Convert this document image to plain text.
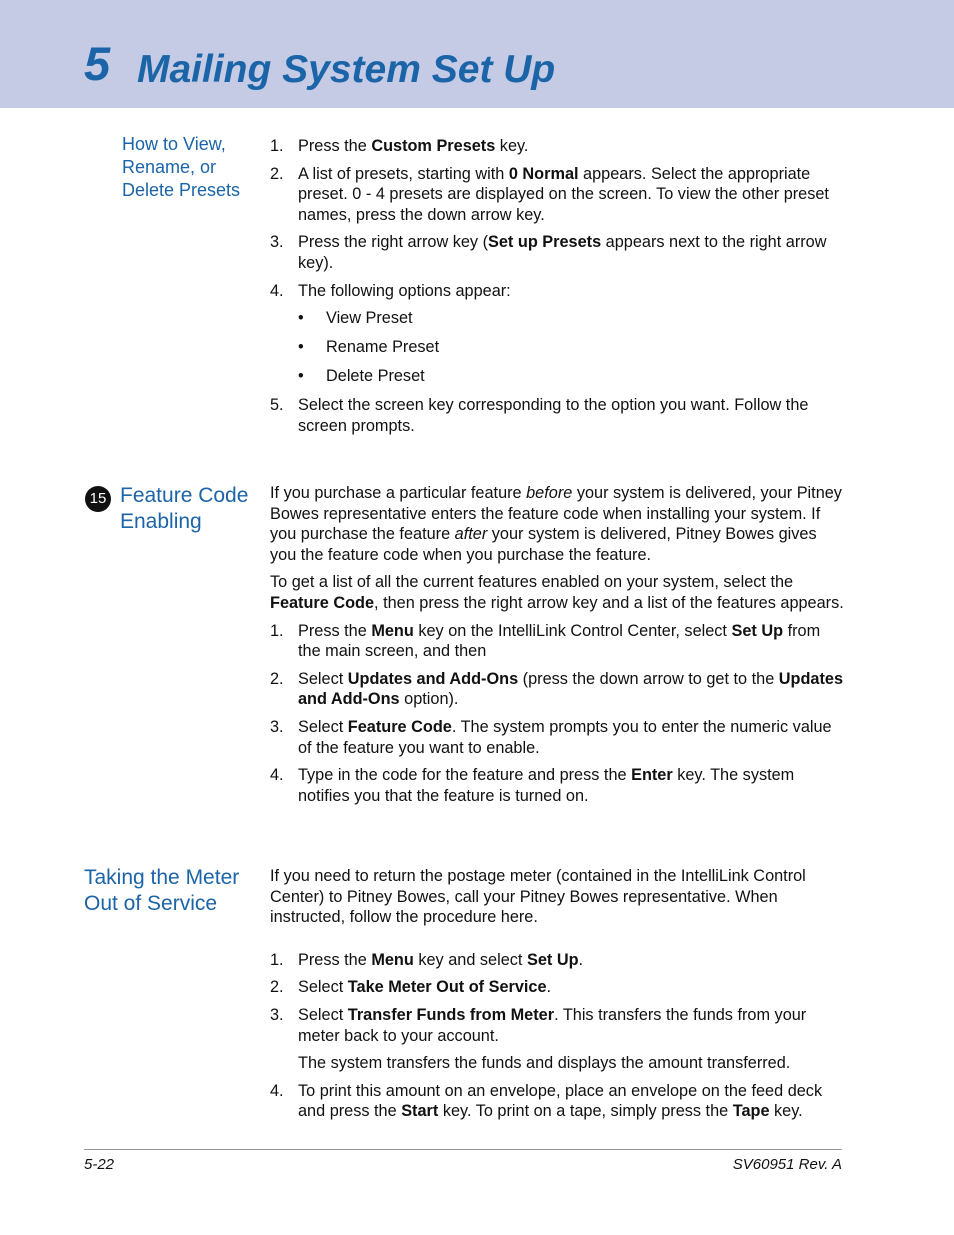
5 Mailing System Set Up
How to View,
Rename, or
Delete Presets
1. Press the Custom Presets key.
2. A list of presets, starting with 0 Normal appears. Select the appropriate preset. 0 - 4 presets are displayed on the screen. To view the other preset names, press the down arrow key.
3. Press the right arrow key (Set up Presets appears next to the right arrow key).
4. The following options appear:
• View Preset
• Rename Preset
• Delete Preset
5. Select the screen key corresponding to the option you want. Follow the screen prompts.
15 Feature Code
Enabling

If you purchase a particular feature before your system is delivered, your Pitney Bowes representative enters the feature code when installing your system. If you purchase the feature after your system is delivered, Pitney Bowes gives you the feature code when you purchase the feature.

To get a list of all the current features enabled on your system, select the Feature Code, then press the right arrow key and a list of the features appears.

1. Press the Menu key on the IntelliLink Control Center, select Set Up from the main screen, and then
2. Select Updates and Add-Ons (press the down arrow to get to the Updates and Add-Ons option).
3. Select Feature Code. The system prompts you to enter the numeric value of the feature you want to enable.
4. Type in the code for the feature and press the Enter key. The system notifies you that the feature is turned on.
Taking the Meter
Out of Service

If you need to return the postage meter (contained in the IntelliLink Control Center) to Pitney Bowes, call your Pitney Bowes representative. When instructed, follow the procedure here.

1. Press the Menu key and select Set Up.
2. Select Take Meter Out of Service.
3. Select Transfer Funds from Meter. This transfers the funds from your meter back to your account.

The system transfers the funds and displays the amount transferred.

4. To print this amount on an envelope, place an envelope on the feed deck and press the Start key. To print on a tape, simply press the Tape key.
5-22	SV60951 Rev. A
